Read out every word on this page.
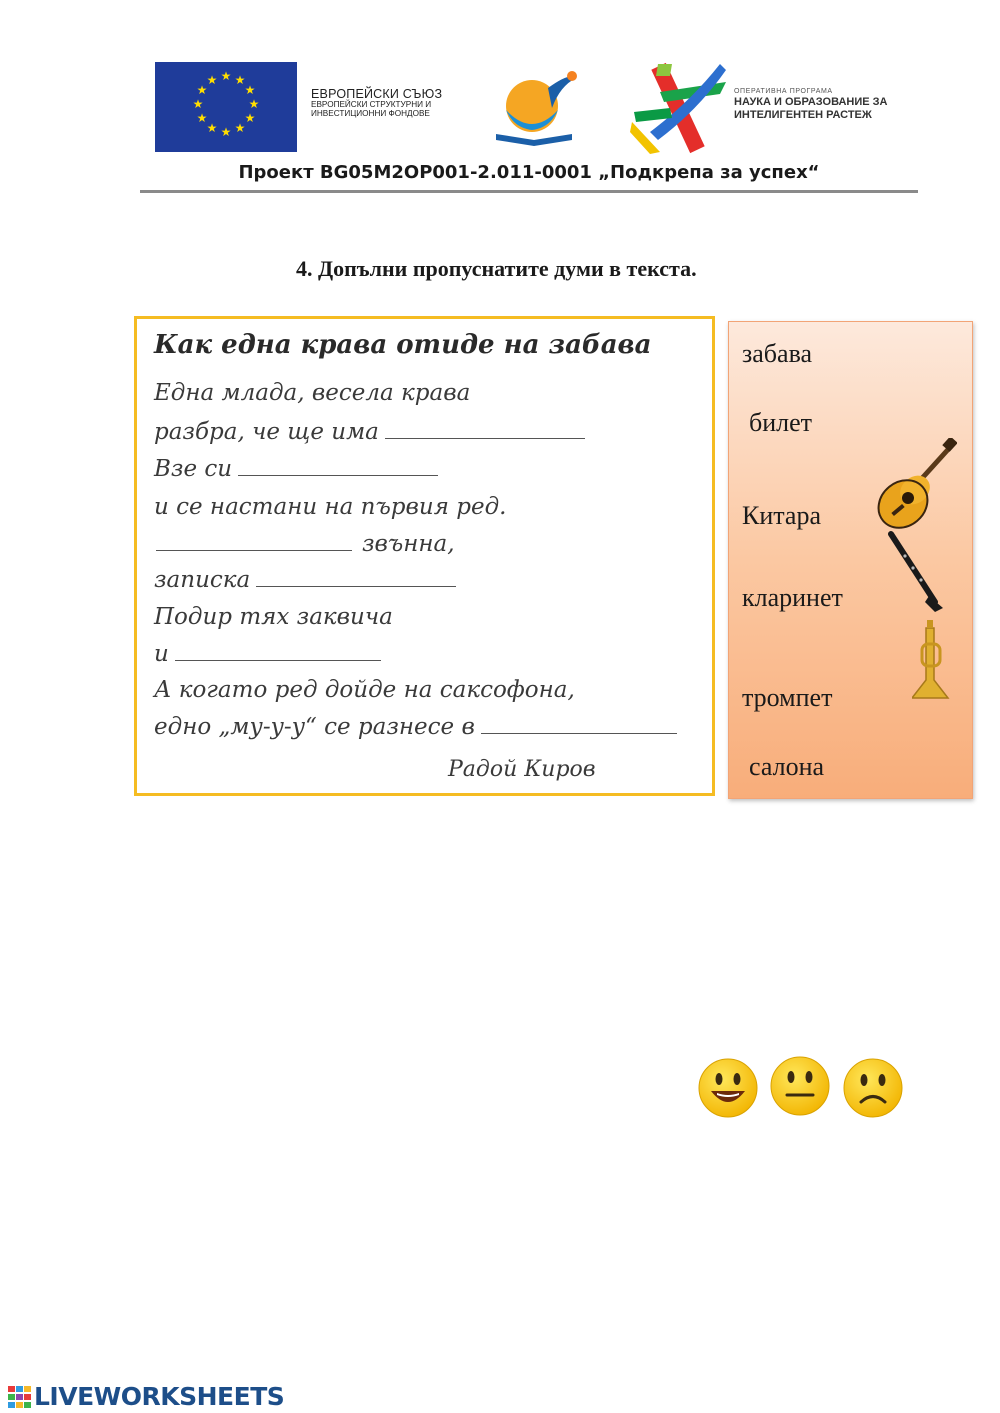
★ ★
★
★
★
★
★
★
★
★
★
★
ЕВРОПЕЙСКИ СЪЮЗ
ЕВРОПЕЙСКИ СТРУКТУРНИ И
ИНВЕСТИЦИОННИ ФОНДОВЕ
ОПЕРАТИВНА ПРОГРАМА
НАУКА И ОБРАЗОВАНИЕ ЗА
ИНТЕЛИГЕНТЕН РАСТЕЖ
Проект BG05M2OP001-2.011-0001 „Подкрепа за успех“
4. Допълни пропуснатите думи в текста.
Как една крава отиде на забава
Една млада, весела крава
разбра, че ще има
Взе си
и се настани на първия ред.
звънна,
записка
Подир тях заквича
и
А когато ред дойде на саксофона,
едно „му-у-у“ се разнесе в
Радой Киров
забава
билет
Китара
кларинет
тромпет
салона
LIVEWORKSHEETS
